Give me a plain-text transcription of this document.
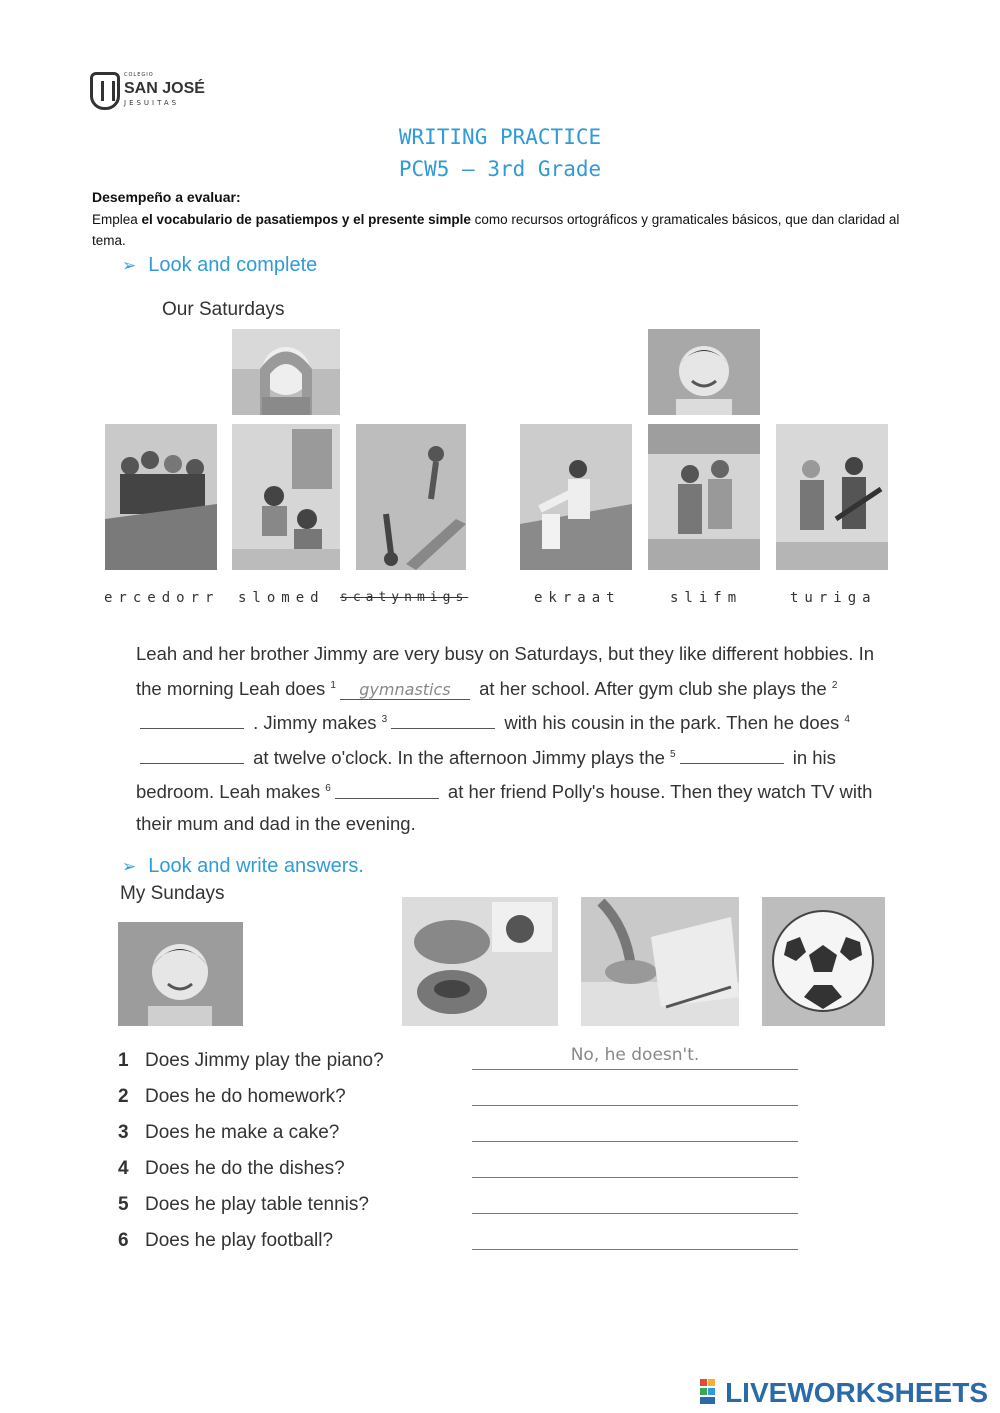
COLEGIO
SAN JOSÉ
JESUITAS
WRITING PRACTICE
PCW5 – 3rd Grade
Desempeño a evaluar:
Emplea el vocabulario de pasatiempos y el presente simple como recursos ortográficos y gramaticales básicos, que dan claridad al tema.
➢ Look and complete
Our Saturdays
ercedorr slomed scatynmigs	ekraat	slifm	turiga
Leah and her brother Jimmy are very busy on Saturdays, but they like different hobbies. In the morning Leah does $^1$ gymnastics at her school. After gym club she plays the $^2$ . Jimmy makes $^3$	with his cousin in the park. Then he does $^4$ at twelve o'clock. In the afternoon Jimmy plays the $^5$	in his bedroom. Leah makes $^6$	at her friend Polly's house. Then they watch TV with their mum and dad in the evening.
➢ Look and write answers.
My Sundays
1 Does Jimmy play the piano?	No, he doesn't.
2 Does he do homework?
3 Does he make a cake?
4 Does he do the dishes?
5 Does he play table tennis?
6 Does he play football?
LIVEWORKSHEETS
